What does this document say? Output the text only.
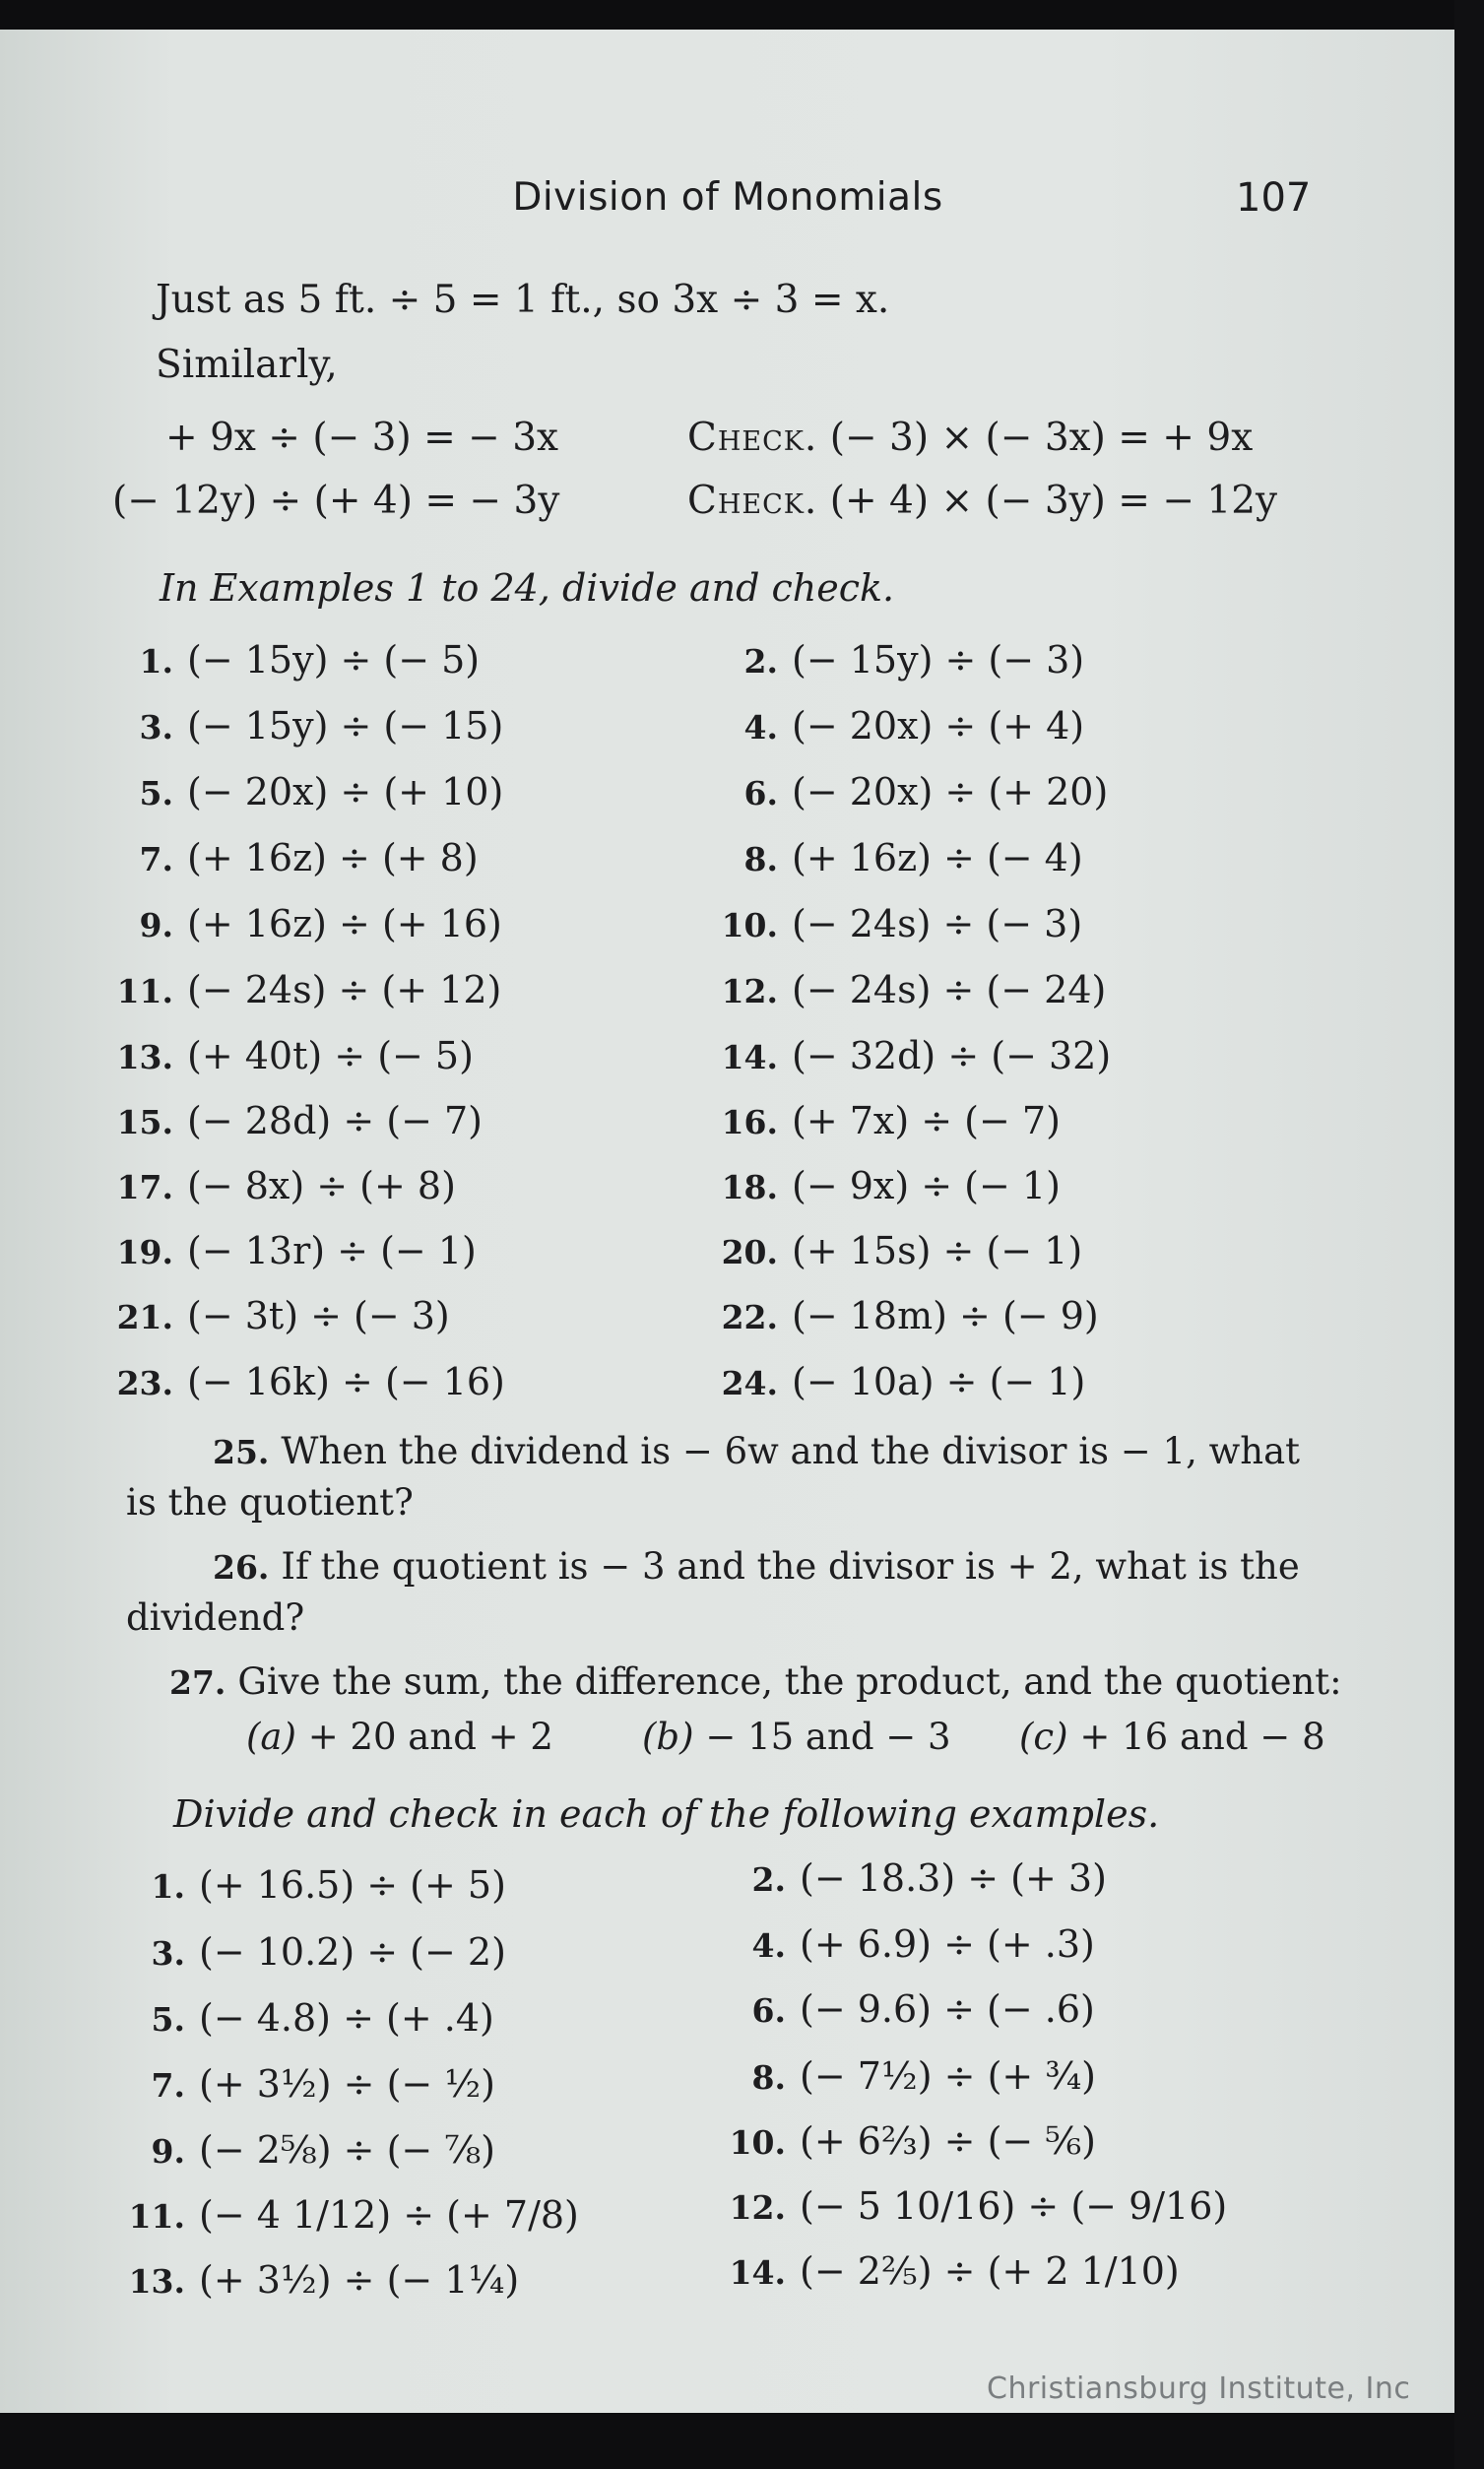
Division of Monomials	107
Just as 5 ft. ÷ 5 = 1 ft., so 3x ÷ 3 = x.
Similarly,
+ 9x ÷ (− 3) = − 3x	Check. (− 3) × (− 3x) = + 9x
(− 12y) ÷ (+ 4) = − 3y	Check. (+ 4) × (− 3y) = − 12y
In Examples 1 to 24, divide and check.
1. (− 15y) ÷ (− 5)	2. (− 15y) ÷ (− 3)
3. (− 15y) ÷ (− 15)	4. (− 20x) ÷ (+ 4)
5. (− 20x) ÷ (+ 10)	6. (− 20x) ÷ (+ 20)
7. (+ 16z) ÷ (+ 8)	8. (+ 16z) ÷ (− 4)
9. (+ 16z) ÷ (+ 16)	10. (− 24s) ÷ (− 3)
11. (− 24s) ÷ (+ 12)	12. (− 24s) ÷ (− 24)
13. (+ 40t) ÷ (− 5)	14. (− 32d) ÷ (− 32)
15. (− 28d) ÷ (− 7)	16. (+ 7x) ÷ (− 7)
17. (− 8x) ÷ (+ 8)	18. (− 9x) ÷ (− 1)
19. (− 13r) ÷ (− 1)	20. (+ 15s) ÷ (− 1)
21. (− 3t) ÷ (− 3)	22. (− 18m) ÷ (− 9)
23. (− 16k) ÷ (− 16)	24. (− 10a) ÷ (− 1)
25. When the dividend is − 6w and the divisor is − 1, what is the quotient?
26. If the quotient is − 3 and the divisor is + 2, what is the dividend?
27. Give the sum, the difference, the product, and the quotient:
(a) + 20 and + 2 (b) − 15 and − 3 (c) + 16 and − 8
Divide and check in each of the following examples.
1. (+ 16.5) ÷ (+ 5)	2. (− 18.3) ÷ (+ 3)
3. (− 10.2) ÷ (− 2)	4. (+ 6.9) ÷ (+ .3)
5. (− 4.8) ÷ (+ .4)	6. (− 9.6) ÷ (− .6)
7. (+ 3½) ÷ (− ½)	8. (− 7½) ÷ (+ ¾)
9. (− 2⅝) ÷ (− ⅞)	10. (+ 6⅔) ÷ (− ⅚)
11. (− 4 1/12) ÷ (+ 7/8)	12. (− 5 10/16) ÷ (− 9/16)
13. (+ 3½) ÷ (− 1¼)	14. (− 2⅖) ÷ (+ 2 1/10)
Christiansburg Institute, Inc
